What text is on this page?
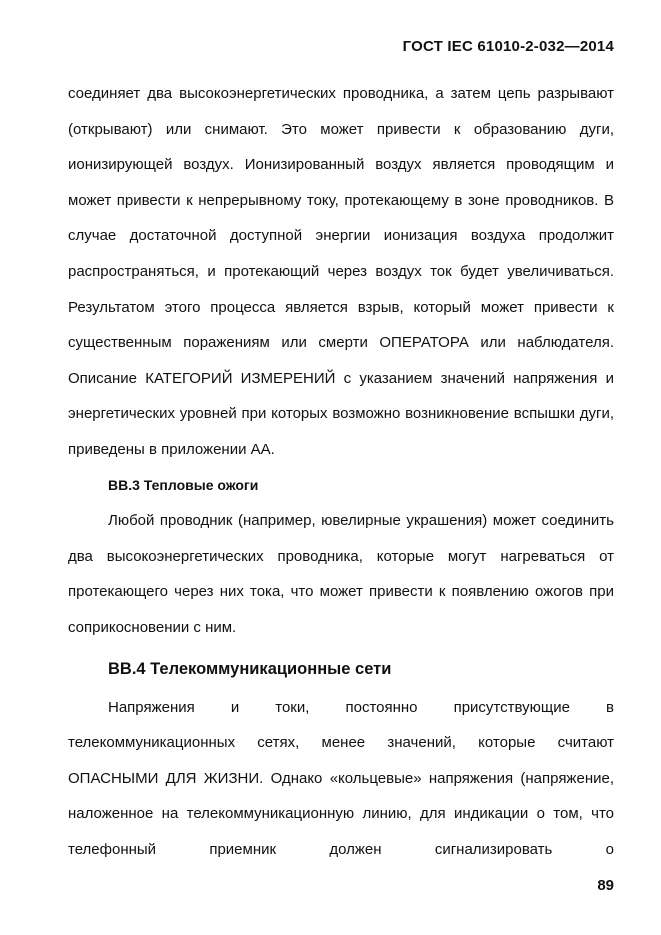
ГОСТ IEC 61010-2-032—2014

соединяет два высокоэнергетических проводника, а затем цепь разрывают (открывают) или снимают. Это может привести к образованию дуги, ионизирующей воздух. Ионизированный воздух является проводящим и может привести к непрерывному току, протекающему в зоне проводников. В случае достаточной доступной энергии ионизация воздуха продолжит распространяться, и протекающий через воздух ток будет увеличиваться. Результатом этого процесса является взрыв, который может привести к существенным поражениям или смерти ОПЕРАТОРА или наблюдателя. Описание КАТЕГОРИЙ ИЗМЕРЕНИЙ с указанием значений напряжения и энергетических уровней при которых возможно возникновение вспышки дуги, приведены в приложении АА.

ВВ.3 Тепловые ожоги

Любой проводник (например, ювелирные украшения) может соединить два высокоэнергетических проводника, которые могут нагреваться от протекающего через них тока, что может привести к появлению ожогов при соприкосновении с ним.

ВВ.4 Телекоммуникационные сети

Напряжения и токи, постоянно присутствующие в телекоммуникационных сетях, менее значений, которые считают ОПАСНЫМИ ДЛЯ ЖИЗНИ. Однако «кольцевые» напряжения (напряжение, наложенное на телекоммуникационную линию, для индикации о том, что телефонный приемник должен сигнализировать о

89
